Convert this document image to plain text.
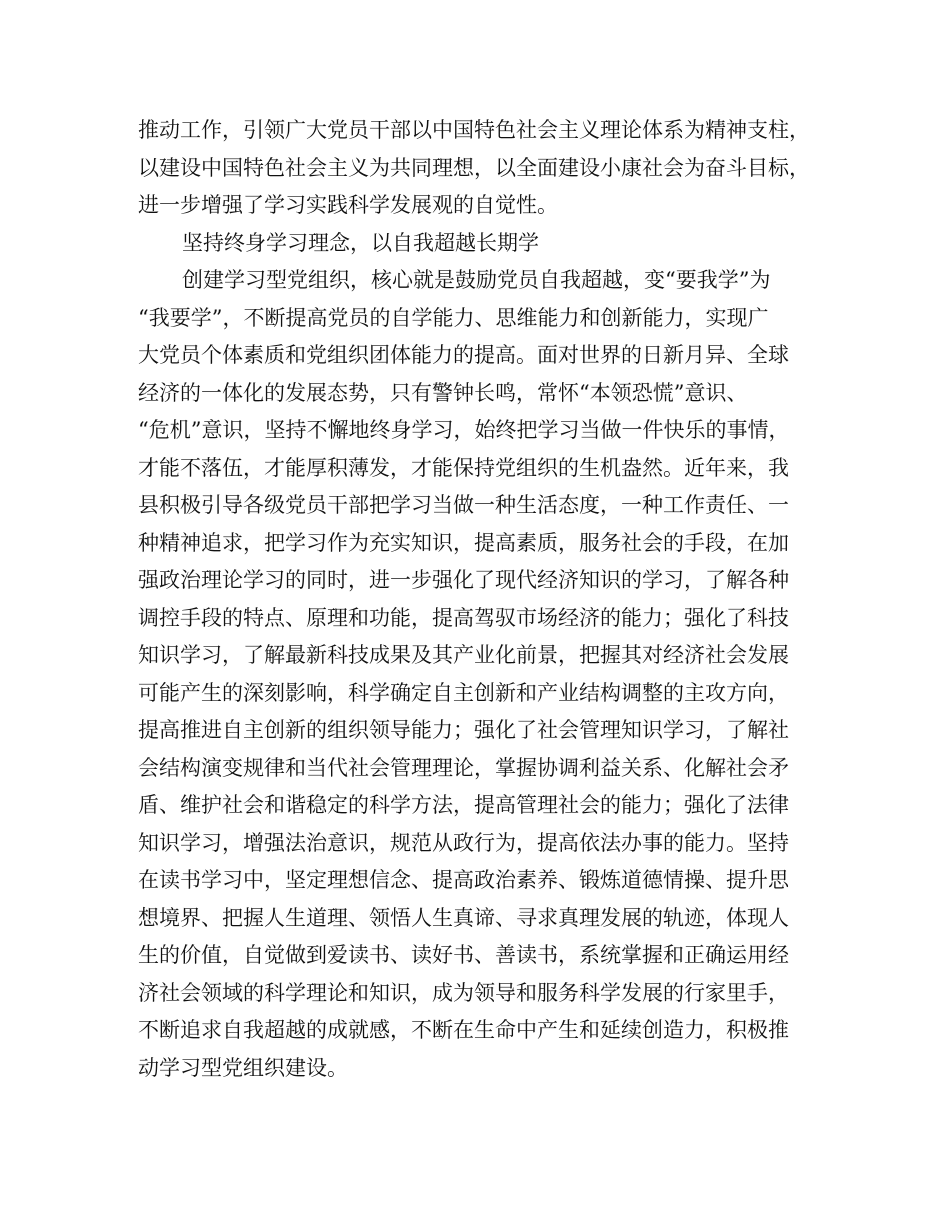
推动工作，引领广大党员干部以中国特色社会主义理论体系为精神支柱，
以建设中国特色社会主义为共同理想，以全面建设小康社会为奋斗目标，
进一步增强了学习实践科学发展观的自觉性。
坚持终身学习理念，以自我超越长期学
创建学习型党组织，核心就是鼓励党员自我超越，变“要我学”为
“我要学”，不断提高党员的自学能力、思维能力和创新能力，实现广
大党员个体素质和党组织团体能力的提高。面对世界的日新月异、全球
经济的一体化的发展态势，只有警钟长鸣，常怀“本领恐慌”意识、
“危机”意识，坚持不懈地终身学习，始终把学习当做一件快乐的事情，
才能不落伍，才能厚积薄发，才能保持党组织的生机盎然。近年来，我
县积极引导各级党员干部把学习当做一种生活态度，一种工作责任、一
种精神追求，把学习作为充实知识，提高素质，服务社会的手段，在加
强政治理论学习的同时，进一步强化了现代经济知识的学习，了解各种
调控手段的特点、原理和功能，提高驾驭市场经济的能力；强化了科技
知识学习，了解最新科技成果及其产业化前景，把握其对经济社会发展
可能产生的深刻影响，科学确定自主创新和产业结构调整的主攻方向，
提高推进自主创新的组织领导能力；强化了社会管理知识学习，了解社
会结构演变规律和当代社会管理理论，掌握协调利益关系、化解社会矛
盾、维护社会和谐稳定的科学方法，提高管理社会的能力；强化了法律
知识学习，增强法治意识，规范从政行为，提高依法办事的能力。坚持
在读书学习中，坚定理想信念、提高政治素养、锻炼道德情操、提升思
想境界、把握人生道理、领悟人生真谛、寻求真理发展的轨迹，体现人
生的价值，自觉做到爱读书、读好书、善读书，系统掌握和正确运用经
济社会领域的科学理论和知识，成为领导和服务科学发展的行家里手，
不断追求自我超越的成就感，不断在生命中产生和延续创造力，积极推
动学习型党组织建设。
